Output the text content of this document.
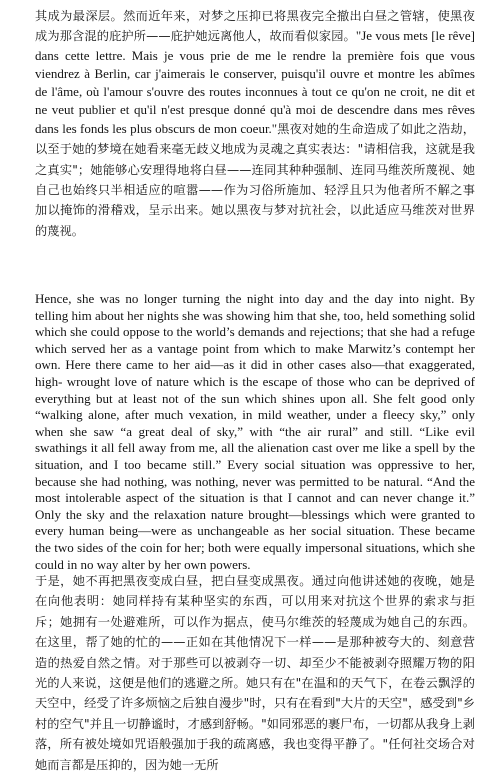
其成为最深层。然而近年来，对梦之压抑已将黑夜完全撤出白昼之管辖，使黑夜成为那含混的庇护所——庇护她远离他人，故而看似家园。"Je vous mets [le rêve] dans cette lettre. Mais je vous prie de me le rendre la première fois que vous viendrez à Berlin, car j'aimerais le conserver, puisqu'il ouvre et montre les abîmes de l'âme, où l'amour s'ouvre des routes inconnues à tout ce qu'on ne croit, ne dit et ne veut publier et qu'il n'est presque donné qu'à moi de descendre dans mes rêves dans les fonds les plus obscurs de mon coeur."黑夜对她的生命造成了如此之浩劫，以至于她的梦境在她看来毫无歧义地成为灵魂之真实表达："请相信我，这就是我之真实"；她能够心安理得地将白昼——连同其种种强制、连同马维茨所蔑视、她自己也始终只半相适应的喧嚣——作为习俗所施加、轻浮且只为他者所不解之事加以掩饰的滑稽戏，呈示出来。她以黑夜与梦对抗社会，以此适应马维茨对世界的蔑视。

Hence, she was no longer turning the night into day and the day into night. By telling him about her nights she was showing him that she, too, held something solid which she could oppose to the world’s demands and rejections; that she had a refuge which served her as a vantage point from which to make Marwitz’s contempt her own. Here there came to her aid—as it did in other cases also—that exaggerated, high- wrought love of nature which is the escape of those who can be deprived of everything but at least not of the sun which shines upon all. She felt good only “walking alone, after much vexation, in mild weather, under a fleecy sky,” only when she saw “a great deal of sky,” with “the air rural” and still. “Like evil swathings it all fell away from me, all the alienation cast over me like a spell by the situation, and I too became still.” Every social situation was oppressive to her, because she had nothing, was nothing, never was permitted to be natural. “And the most intolerable aspect of the situation is that I cannot and can never change it.” Only the sky and the relaxation nature brought—blessings which were granted to every human being—were as unchangeable as her social situation. These became the two sides of the coin for her; both were equally impersonal situations, which she could in no way alter by her own powers.

于是，她不再把黑夜变成白昼，把白昼变成黑夜。通过向他讲述她的夜晚，她是在向他表明：她同样持有某种坚实的东西，可以用来对抗这个世界的索求与拒斥；她拥有一处避难所，可以作为据点，使马尔维茨的轻蔑成为她自己的东西。在这里，帮了她的忙的——正如在其他情况下一样——是那种被夸大的、刻意营造的热爱自然之情。对于那些可以被剥夺一切、却至少不能被剥夺照耀万物的阳光的人来说，这便是他们的逃避之所。她只有在"在温和的天气下，在卷云飘浮的天空中，经受了许多烦恼之后独自漫步"时，只有在看到"大片的天空"，感受到"乡村的空气"并且一切静谧时，才感到舒畅。"如同邪恶的裹尸布，一切都从我身上剥落，所有被处境如咒语般强加于我的疏离感，我也变得平静了。"任何社交场合对她而言都是压抑的，因为她一无所
